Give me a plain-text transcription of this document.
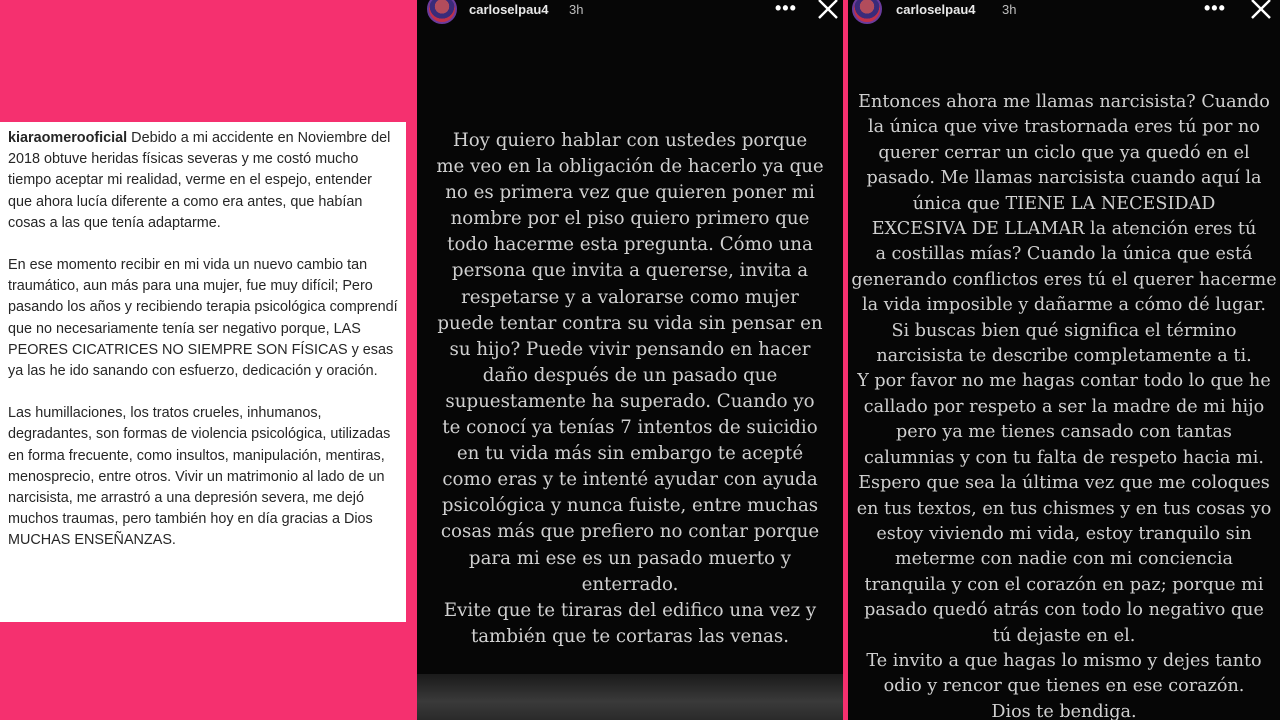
kiaraomerooficial Debido a mi accidente en Noviembre del 2018 obtuve heridas físicas severas y me costó mucho tiempo aceptar mi realidad, verme en el espejo, entender que ahora lucía diferente a como era antes, que habían cosas a las que tenía adaptarme.

En ese momento recibir en mi vida un nuevo cambio tan traumático, aun más para una mujer, fue muy difícil; Pero pasando los años y recibiendo terapia psicológica comprendí que no necesariamente tenía ser negativo porque, LAS PEORES CICATRICES NO SIEMPRE SON FÍSICAS y esas ya las he ido sanando con esfuerzo, dedicación y oración.

Las humillaciones, los tratos crueles, inhumanos, degradantes, son formas de violencia psicológica, utilizadas en forma frecuente, como insultos, manipulación, mentiras, menosprecio, entre otros. Vivir un matrimonio al lado de un narcisista, me arrastró a una depresión severa, me dejó muchos traumas, pero también hoy en día gracias a Dios MUCHAS ENSEÑANZAS.

carloselpau4 3h	•••
Hoy quiero hablar con ustedes porque
me veo en la obligación de hacerlo ya que
no es primera vez que quieren poner mi
nombre por el piso quiero primero que
todo hacerme esta pregunta. Cómo una
persona que invita a quererse, invita a
respetarse y a valorarse como mujer
puede tentar contra su vida sin pensar en
su hijo? Puede vivir pensando en hacer
daño después de un pasado que
supuestamente ha superado. Cuando yo
te conocí ya tenías 7 intentos de suicidio
en tu vida más sin embargo te acepté
como eras y te intenté ayudar con ayuda
psicológica y nunca fuiste, entre muchas
cosas más que prefiero no contar porque
para mi ese es un pasado muerto y
enterrado.
Evite que te tiraras del edifico una vez y
también que te cortaras las venas.
carloselpau4 3h	•••
Entonces ahora me llamas narcisista? Cuando
la única que vive trastornada eres tú por no
querer cerrar un ciclo que ya quedó en el
pasado. Me llamas narcisista cuando aquí la
única que TIENE LA NECESIDAD
EXCESIVA DE LLAMAR la atención eres tú
a costillas mías? Cuando la única que está
generando conflictos eres tú el querer hacerme
la vida imposible y dañarme a cómo dé lugar.
Si buscas bien qué significa el término
narcisista te describe completamente a ti.
Y por favor no me hagas contar todo lo que he
callado por respeto a ser la madre de mi hijo
pero ya me tienes cansado con tantas
calumnias y con tu falta de respeto hacia mi.
Espero que sea la última vez que me coloques
en tus textos, en tus chismes y en tus cosas yo
estoy viviendo mi vida, estoy tranquilo sin
meterme con nadie con mi conciencia
tranquila y con el corazón en paz; porque mi
pasado quedó atrás con todo lo negativo que
tú dejaste en el.
Te invito a que hagas lo mismo y dejes tanto
odio y rencor que tienes en ese corazón.
Dios te bendiga.
